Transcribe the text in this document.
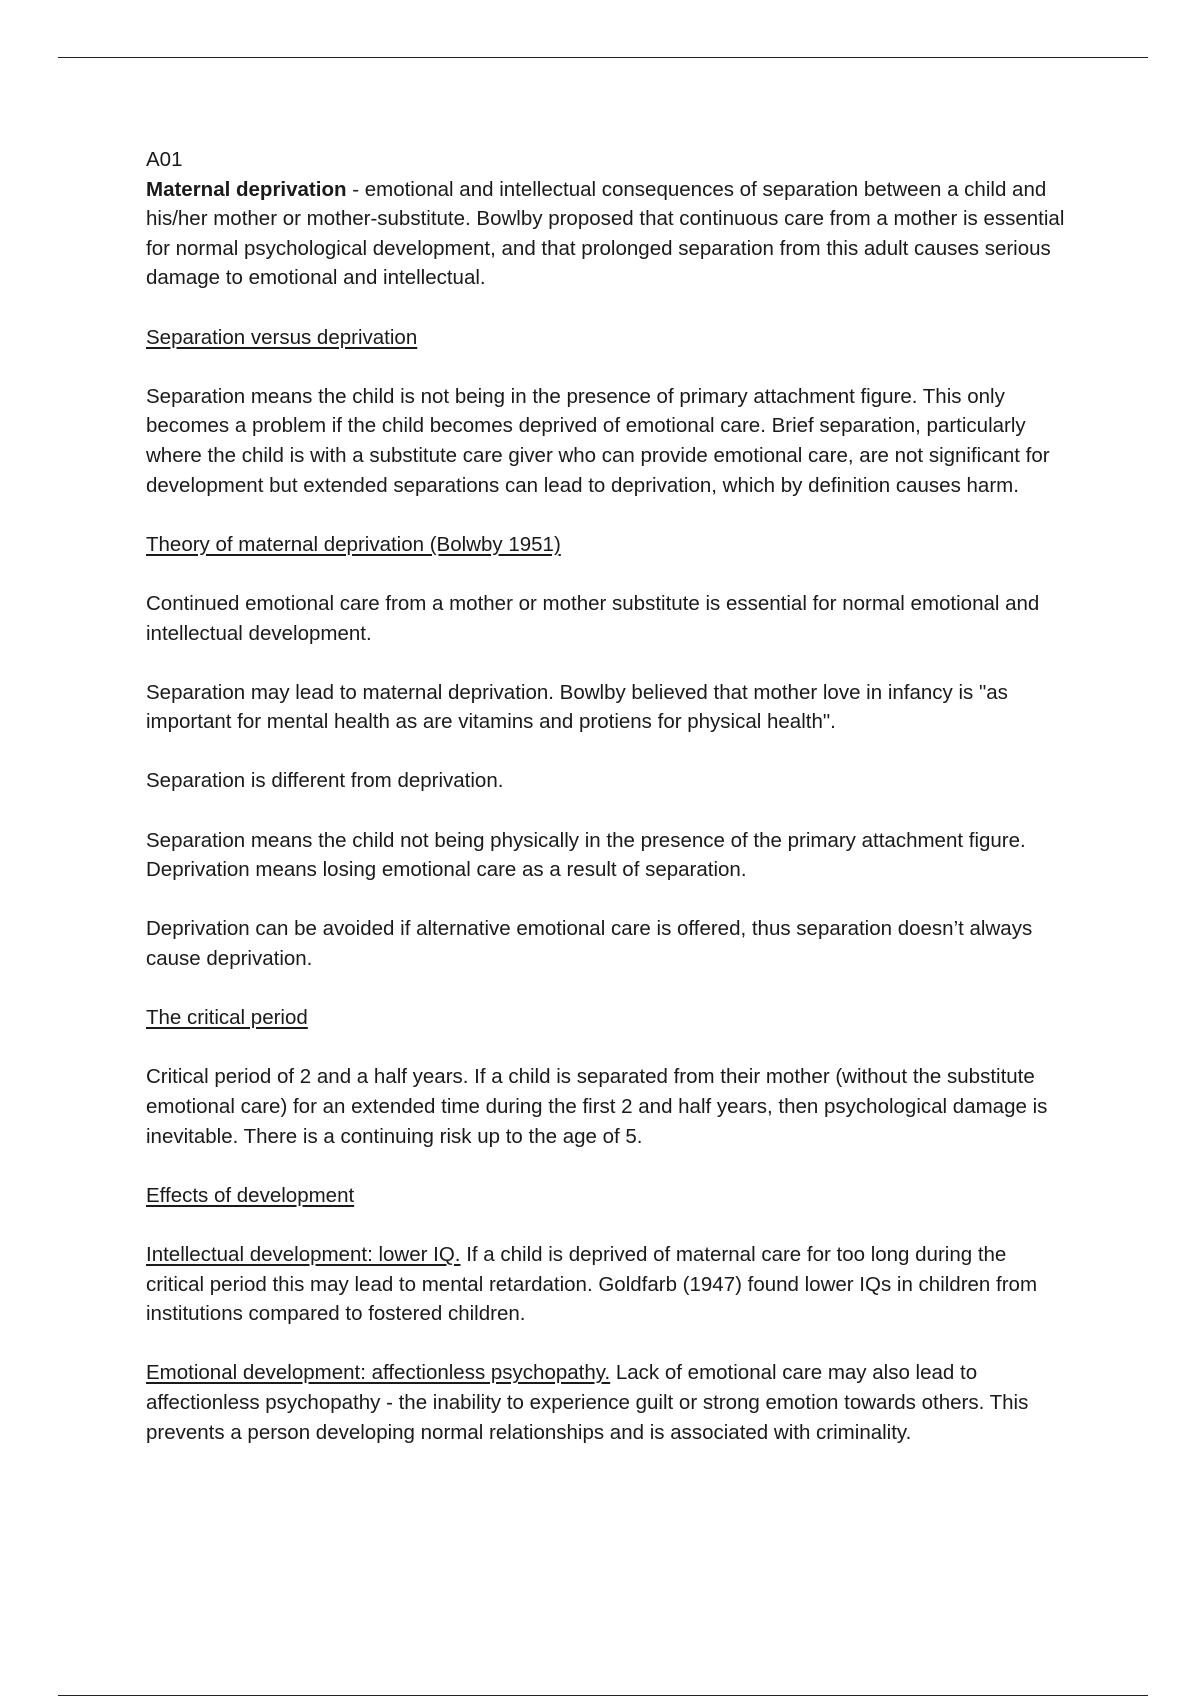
A01

Maternal deprivation - emotional and intellectual consequences of separation between a child and his/her mother or mother-substitute. Bowlby proposed that continuous care from a mother is essential for normal psychological development, and that prolonged separation from this adult causes serious damage to emotional and intellectual.

Separation versus deprivation

Separation means the child is not being in the presence of primary attachment figure. This only becomes a problem if the child becomes deprived of emotional care. Brief separation, particularly where the child is with a substitute care giver who can provide emotional care, are not significant for development but extended separations can lead to deprivation, which by definition causes harm.

Theory of maternal deprivation (Bolwby 1951)

Continued emotional care from a mother or mother substitute is essential for normal emotional and intellectual development.

Separation may lead to maternal deprivation. Bowlby believed that mother love in infancy is "as important for mental health as are vitamins and protiens for physical health".

Separation is different from deprivation.

Separation means the child not being physically in the presence of the primary attachment figure.

Deprivation means losing emotional care as a result of separation.

Deprivation can be avoided if alternative emotional care is offered, thus separation doesn’t always cause deprivation.

The critical period

Critical period of 2 and a half years. If a child is separated from their mother (without the substitute emotional care) for an extended time during the first 2 and half years, then psychological damage is inevitable. There is a continuing risk up to the age of 5.

Effects of development

Intellectual development: lower IQ. If a child is deprived of maternal care for too long during the critical period this may lead to mental retardation. Goldfarb (1947) found lower IQs in children from institutions compared to fostered children.

Emotional development: affectionless psychopathy. Lack of emotional care may also lead to affectionless psychopathy - the inability to experience guilt or strong emotion towards others. This prevents a person developing normal relationships and is associated with criminality.
